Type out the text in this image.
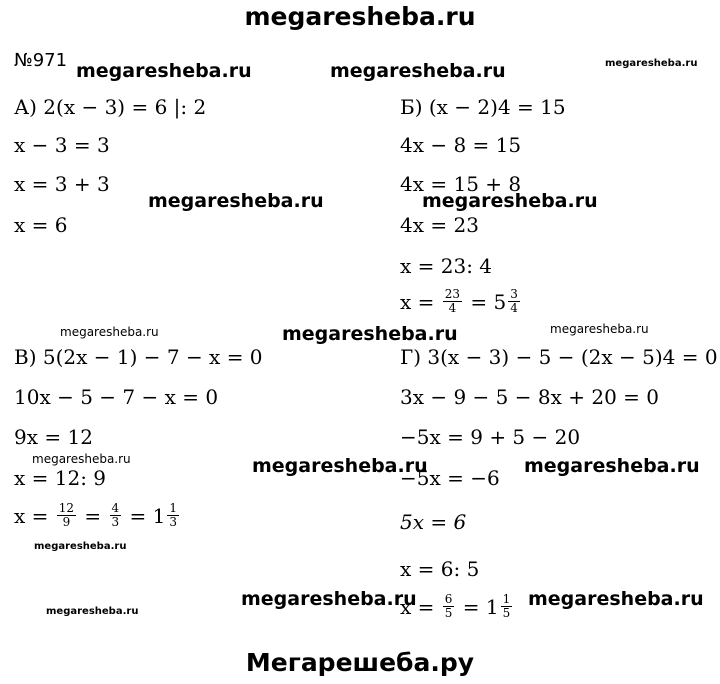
megaresheba.ru
№971
А) 2(x − 3) = 6 |: 2
x − 3 = 3
x = 3 + 3
x = 6
Б) (x − 2)4 = 15
4x − 8 = 15
4x = 15 + 8
4x = 23
x = 23: 4
$x = \frac{23}{4} = 5 \frac{3}{4}$
В) 5(2x − 1) − 7 − x = 0
10x − 5 − 7 − x = 0
9x = 12
x = 12: 9
$x = \frac{12}{9} = \frac{4}{3} = 1 \frac{1}{3}$
Г) 3(x − 3) − 5 − (2x − 5)4 = 0
3x − 9 − 5 − 8x + 20 = 0
−5x = 9 + 5 − 20
−5x = −6
5x = 6
x = 6: 5
$x = \frac{6}{5} = 1 \frac{1}{5}$
megaresheba.ru	megaresheba.ru	megaresheba.ru
megaresheba.ru	megaresheba.ru
megaresheba.ru	megaresheba.ru	megaresheba.ru
megaresheba.ru	megaresheba.ru	megaresheba.ru
megaresheba.ru
megaresheba.ru
megaresheba.ru	megaresheba.ru
Мегарешеба.ру
